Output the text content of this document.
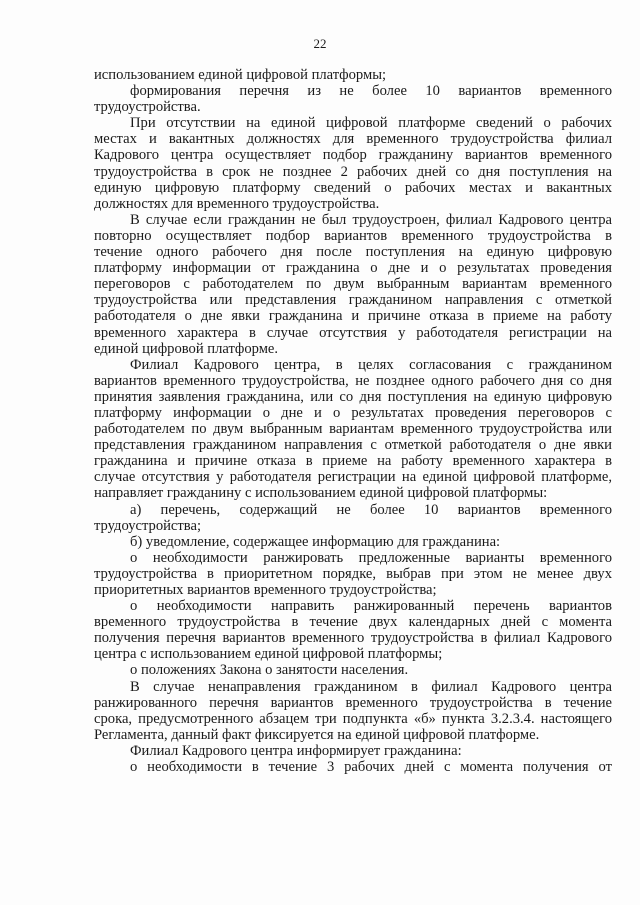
22
использованием единой цифровой платформы;
формирования перечня из не более 10 вариантов временного
трудоустройства.
При отсутствии на единой цифровой платформе сведений о рабочих
местах и вакантных должностях для временного трудоустройства филиал
Кадрового центра осуществляет подбор гражданину вариантов временного
трудоустройства в срок не позднее 2 рабочих дней со дня поступления на
единую цифровую платформу сведений о рабочих местах и вакантных
должностях для временного трудоустройства.
В случае если гражданин не был трудоустроен, филиал Кадрового центра
повторно осуществляет подбор вариантов временного трудоустройства в
течение одного рабочего дня после поступления на единую цифровую
платформу информации от гражданина о дне и о результатах проведения
переговоров с работодателем по двум выбранным вариантам временного
трудоустройства или представления гражданином направления с отметкой
работодателя о дне явки гражданина и причине отказа в приеме на работу
временного характера в случае отсутствия у работодателя регистрации на
единой цифровой платформе.
Филиал Кадрового центра, в целях согласования с гражданином
вариантов временного трудоустройства, не позднее одного рабочего дня со дня
принятия заявления гражданина, или со дня поступления на единую цифровую
платформу информации о дне и о результатах проведения переговоров с
работодателем по двум выбранным вариантам временного трудоустройства или
представления гражданином направления с отметкой работодателя о дне явки
гражданина и причине отказа в приеме на работу временного характера в
случае отсутствия у работодателя регистрации на единой цифровой платформе,
направляет гражданину с использованием единой цифровой платформы:
а) перечень, содержащий не более 10 вариантов временного
трудоустройства;
б) уведомление, содержащее информацию для гражданина:
о необходимости ранжировать предложенные варианты временного
трудоустройства в приоритетном порядке, выбрав при этом не менее двух
приоритетных вариантов временного трудоустройства;
о необходимости направить ранжированный перечень вариантов
временного трудоустройства в течение двух календарных дней с момента
получения перечня вариантов временного трудоустройства в филиал Кадрового
центра с использованием единой цифровой платформы;
о положениях Закона о занятости населения.
В случае ненаправления гражданином в филиал Кадрового центра
ранжированного перечня вариантов временного трудоустройства в течение
срока, предусмотренного абзацем три подпункта «б» пункта 3.2.3.4. настоящего
Регламента, данный факт фиксируется на единой цифровой платформе.
Филиал Кадрового центра информирует гражданина:
о необходимости в течение 3 рабочих дней с момента получения от
